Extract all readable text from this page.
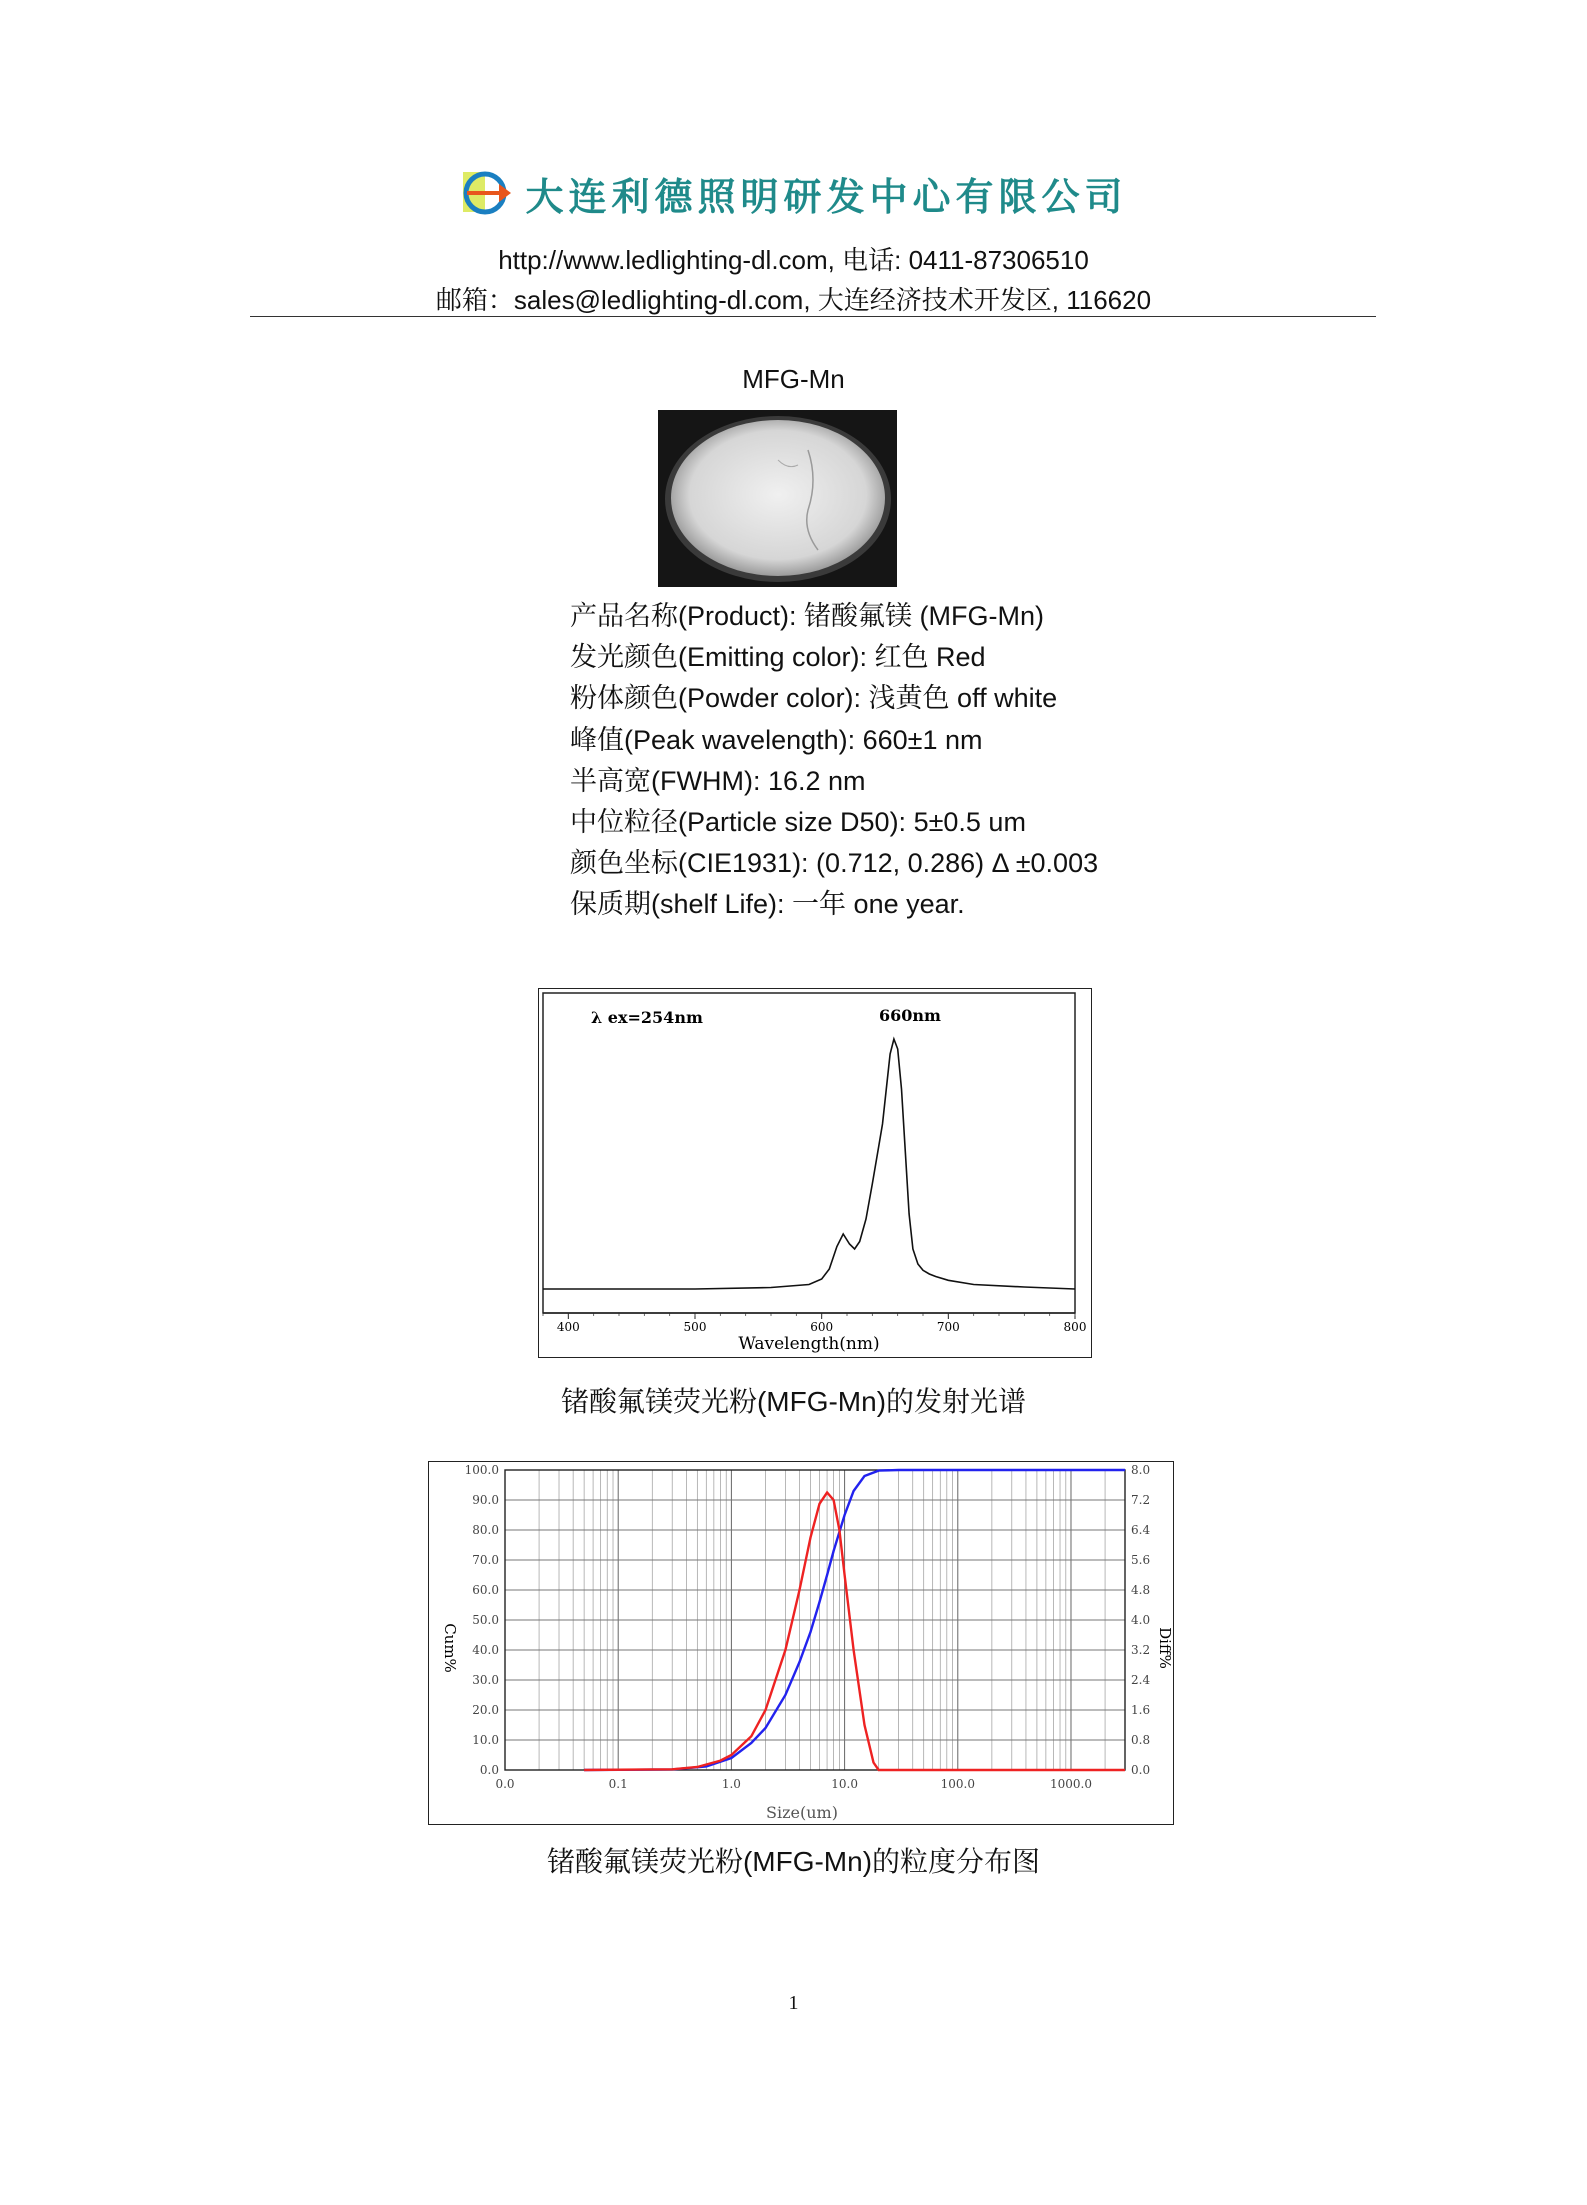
大连利德照明研发中心有限公司
http://www.ledlighting-dl.com, 电话: 0411-87306510
邮箱：sales@ledlighting-dl.com, 大连经济技术开发区, 116620
MFG-Mn
产品名称(Product): 锗酸氟镁 (MFG-Mn)
发光颜色(Emitting color): 红色 Red
粉体颜色(Powder color): 浅黄色 off white
峰值(Peak wavelength): 660±1 nm
半高宽(FWHM): 16.2 nm
中位粒径(Particle size D50): 5±0.5 um
颜色坐标(CIE1931): (0.712, 0.286) Δ ±0.003
保质期(shelf Life): 一年 one year.
λ ex=254nm	660nm
400	500	600	700	800
Wavelength(nm)
锗酸氟镁荧光粉(MFG-Mn)的发射光谱
0.0
10.0
20.0
30.0
40.0
50.0
60.0
70.0
80.0
90.0
100.0
0.0
0.8
1.6
2.4
3.2
4.0
4.8
5.6
6.4
7.2
8.0
0.0	0.1	1.0	10.0	100.0	1000.0
Cum%	Diff%
Size(um)
锗酸氟镁荧光粉(MFG-Mn)的粒度分布图
1
